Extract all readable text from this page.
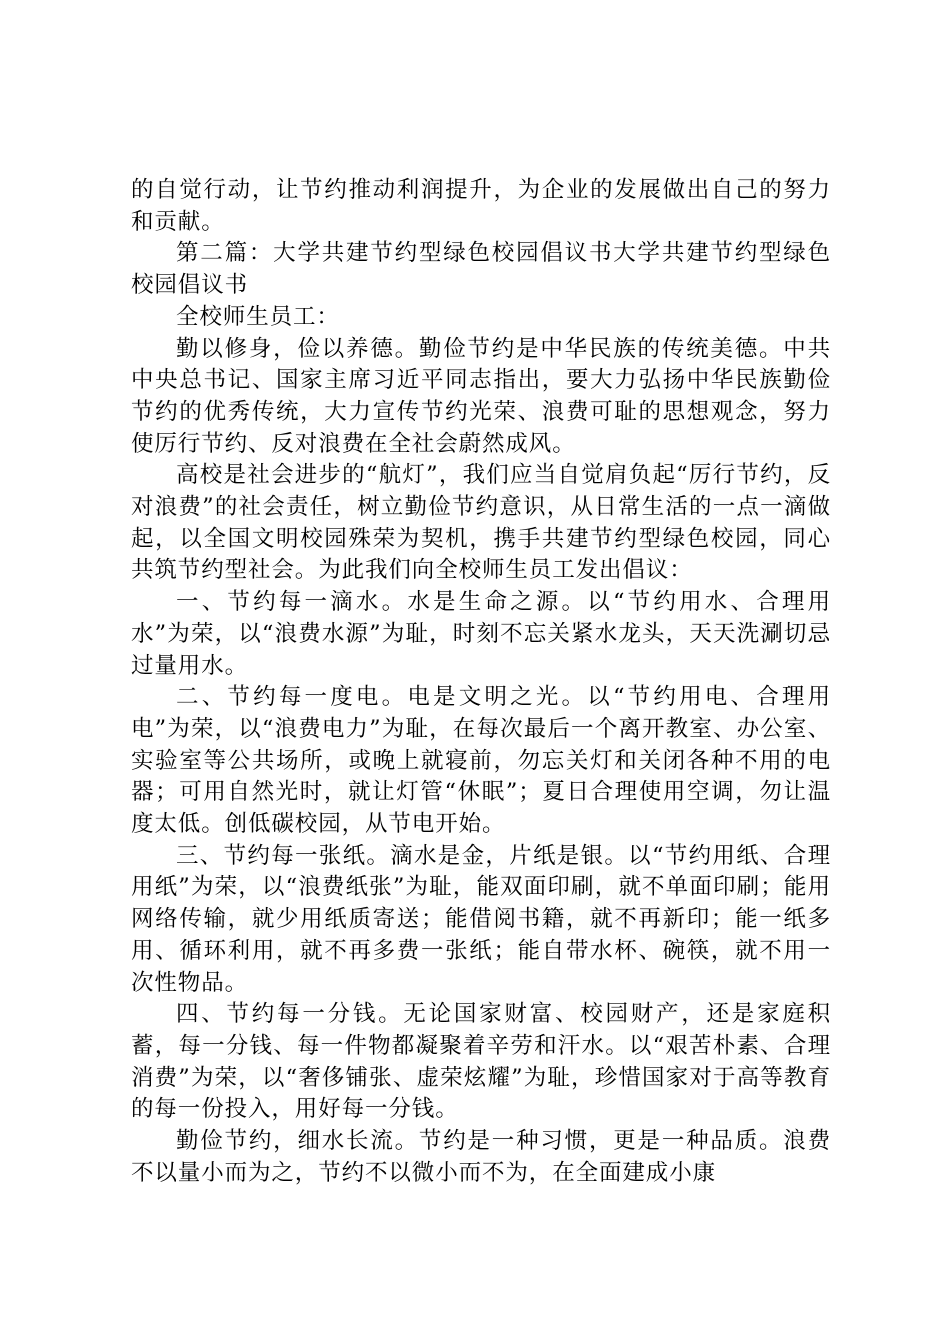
的自觉行动，让节约推动利润提升，为企业的发展做出自己的努力和贡献。

第二篇：大学共建节约型绿色校园倡议书大学共建节约型绿色校园倡议书

全校师生员工：

勤以修身，俭以养德。勤俭节约是中华民族的传统美德。中共中央总书记、国家主席习近平同志指出，要大力弘扬中华民族勤俭节约的优秀传统，大力宣传节约光荣、浪费可耻的思想观念，努力使厉行节约、反对浪费在全社会蔚然成风。

高校是社会进步的“航灯”，我们应当自觉肩负起“厉行节约，反对浪费”的社会责任，树立勤俭节约意识，从日常生活的一点一滴做起，以全国文明校园殊荣为契机，携手共建节约型绿色校园，同心共筑节约型社会。为此我们向全校师生员工发出倡议：

一、节约每一滴水。水是生命之源。以“节约用水、合理用水”为荣，以“浪费水源”为耻，时刻不忘关紧水龙头，天天洗涮切忌过量用水。

二、节约每一度电。电是文明之光。以“节约用电、合理用电”为荣，以“浪费电力”为耻，在每次最后一个离开教室、办公室、实验室等公共场所，或晚上就寝前，勿忘关灯和关闭各种不用的电器；可用自然光时，就让灯管“休眠”；夏日合理使用空调，勿让温度太低。创低碳校园，从节电开始。

三、节约每一张纸。滴水是金，片纸是银。以“节约用纸、合理用纸”为荣，以“浪费纸张”为耻，能双面印刷，就不单面印刷；能用网络传输，就少用纸质寄送；能借阅书籍，就不再新印；能一纸多用、循环利用，就不再多费一张纸；能自带水杯、碗筷，就不用一次性物品。

四、节约每一分钱。无论国家财富、校园财产，还是家庭积蓄，每一分钱、每一件物都凝聚着辛劳和汗水。以“艰苦朴素、合理消费”为荣，以“奢侈铺张、虚荣炫耀”为耻，珍惜国家对于高等教育的每一份投入，用好每一分钱。

勤俭节约，细水长流。节约是一种习惯，更是一种品质。浪费不以量小而为之，节约不以微小而不为，在全面建成小康
